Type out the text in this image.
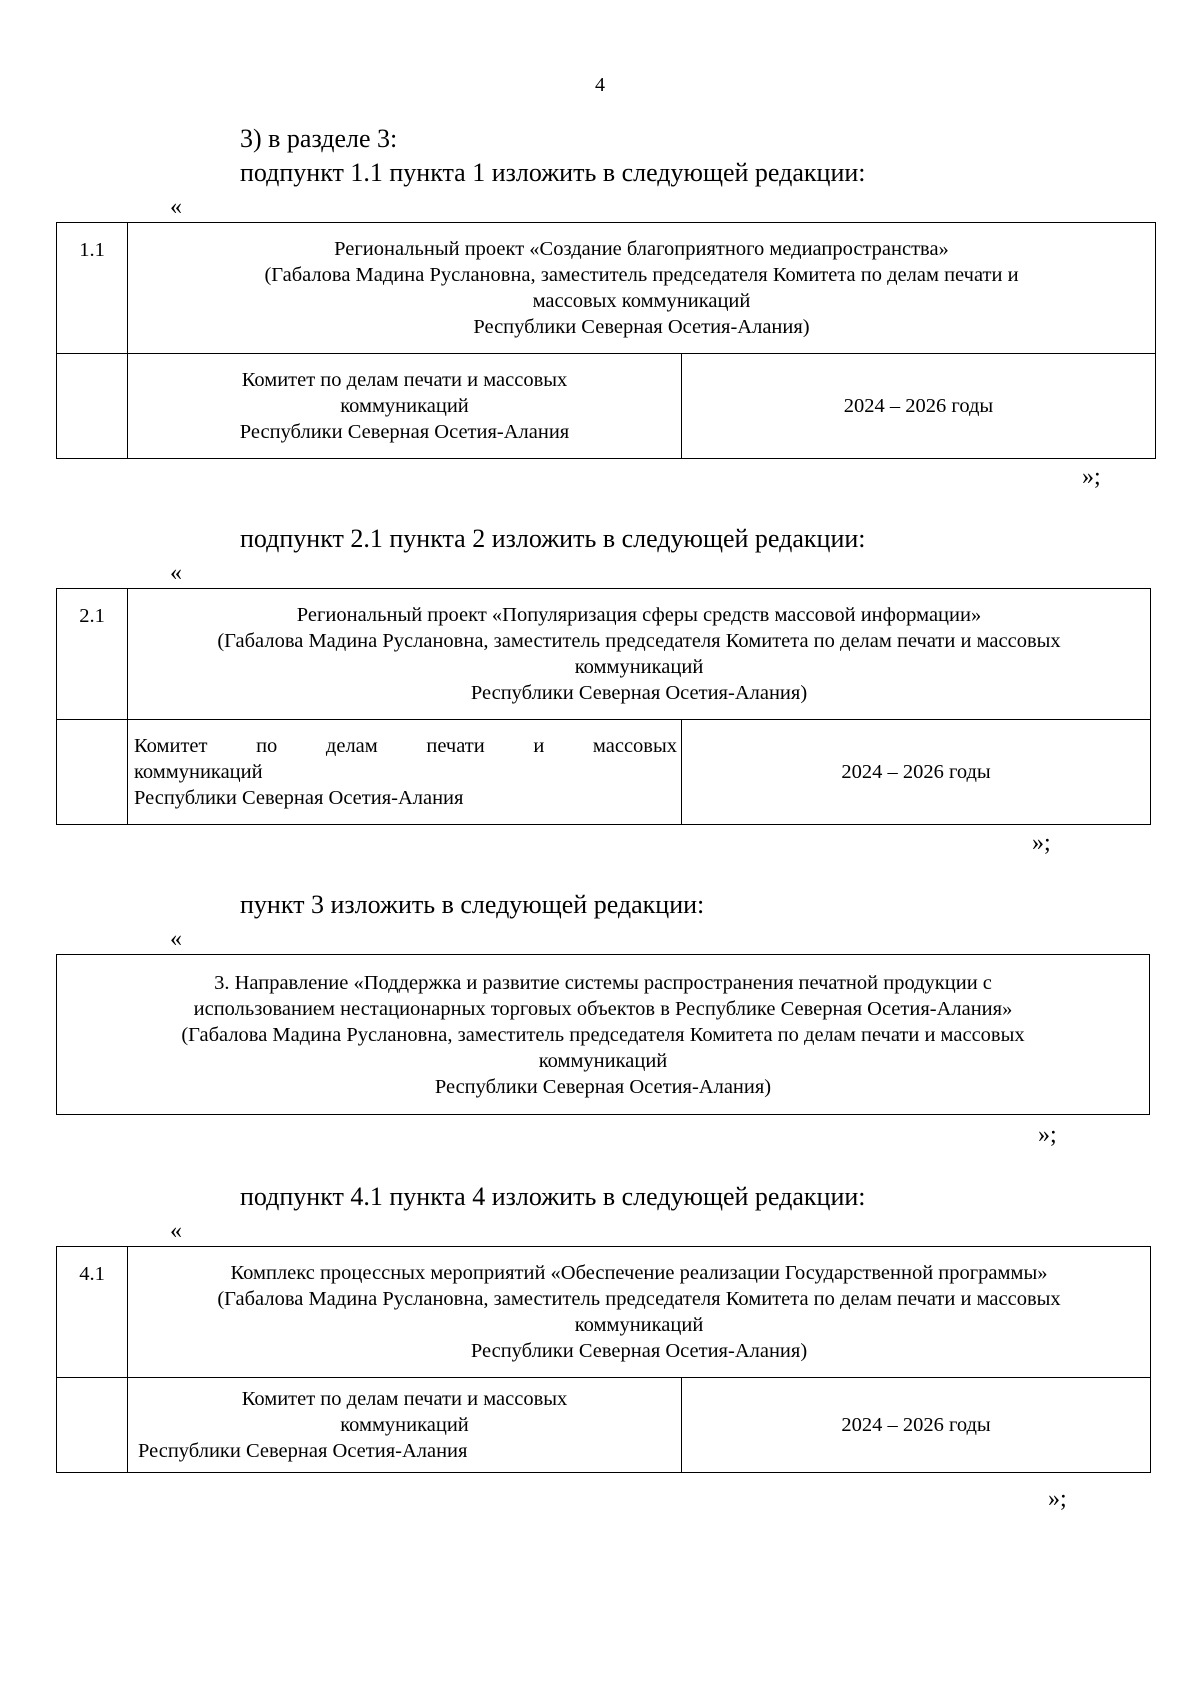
4
3) в разделе 3:
подпункт 1.1 пункта 1 изложить в следующей редакции:
«
1.1	Региональный проект «Создание благоприятного медиапространства»
(Габалова Мадина Руслановна, заместитель председателя Комитета по делам печати и
массовых коммуникаций
Республики Северная Осетия-Алания)	

	Комитет по делам печати и массовых
коммуникаций
Республики Северная Осетия-Алания	2024 – 2026 годы
»;
подпункт 2.1 пункта 2 изложить в следующей редакции:
«
2.1	Региональный проект «Популяризация сферы средств массовой информации»
(Габалова Мадина Руслановна, заместитель председателя Комитета по делам печати и массовых
коммуникаций
Республики Северная Осетия-Алания)	

	Комитет по делам печати и массовых
коммуникаций
Республики Северная Осетия-Алания	2024 – 2026 годы
»;
пункт 3 изложить в следующей редакции:
«
3. Направление «Поддержка и развитие системы распространения печатной продукции с
использованием нестационарных торговых объектов в Республике Северная Осетия-Алания»
(Габалова Мадина Руслановна, заместитель председателя Комитета по делам печати и массовых
коммуникаций
Республики Северная Осетия-Алания)
»;
подпункт 4.1 пункта 4 изложить в следующей редакции:
«
4.1	Комплекс процессных мероприятий «Обеспечение реализации Государственной программы»
(Габалова Мадина Руслановна, заместитель председателя Комитета по делам печати и массовых
коммуникаций
Республики Северная Осетия-Алания)	

	Комитет по делам печати и массовых
коммуникаций
Республики Северная Осетия-Алания	2024 – 2026 годы
»;
